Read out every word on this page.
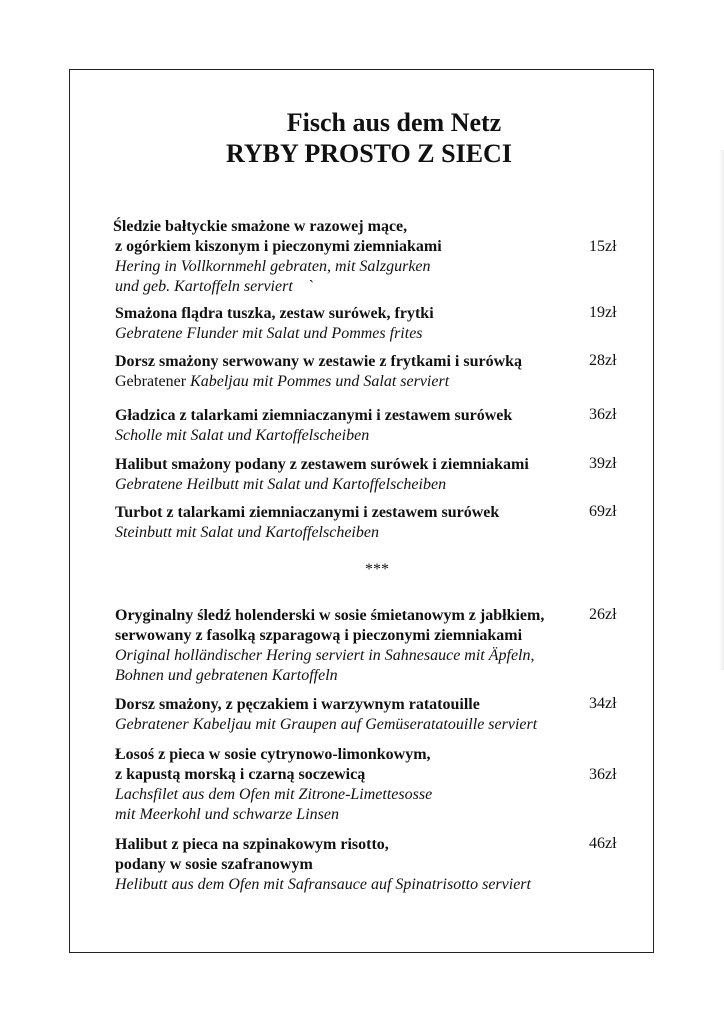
Fisch aus dem Netz
RYBY PROSTO Z SIECI
Śledzie bałtyckie smażone w razowej mące,
z ogórkiem kiszonym i pieczonymi ziemniakami
Hering in Vollkornmehl gebraten, mit Salzgurken
und geb. Kartoffeln serviert `
15zł
Smażona flądra tuszka, zestaw surówek, frytki
Gebratene Flunder mit Salat und Pommes frites
19zł
Dorsz smażony serwowany w zestawie z frytkami i surówką
Gebratener Kabeljau mit Pommes und Salat serviert
28zł
Gładzica z talarkami ziemniaczanymi i zestawem surówek
Scholle mit Salat und Kartoffelscheiben
36zł
Halibut smażony podany z zestawem surówek i ziemniakami
Gebratene Heilbutt mit Salat und Kartoffelscheiben
39zł
Turbot z talarkami ziemniaczanymi i zestawem surówek
Steinbutt mit Salat und Kartoffelscheiben
69zł
***
Oryginalny śledź holenderski w sosie śmietanowym z jabłkiem,
serwowany z fasolką szparagową i pieczonymi ziemniakami
Original holländischer Hering serviert in Sahnesauce mit Äpfeln,
Bohnen und gebratenen Kartoffeln
26zł
Dorsz smażony, z pęczakiem i warzywnym ratatouille
Gebratener Kabeljau mit Graupen auf Gemüseratatouille serviert
34zł
Łosoś z pieca w sosie cytrynowo-limonkowym,
z kapustą morską i czarną soczewicą
Lachsfilet aus dem Ofen mit Zitrone-Limettesosse
mit Meerkohl und schwarze Linsen
36zł
Halibut z pieca na szpinakowym risotto,
podany w sosie szafranowym
Helibutt aus dem Ofen mit Safransauce auf Spinatrisotto serviert
46zł
